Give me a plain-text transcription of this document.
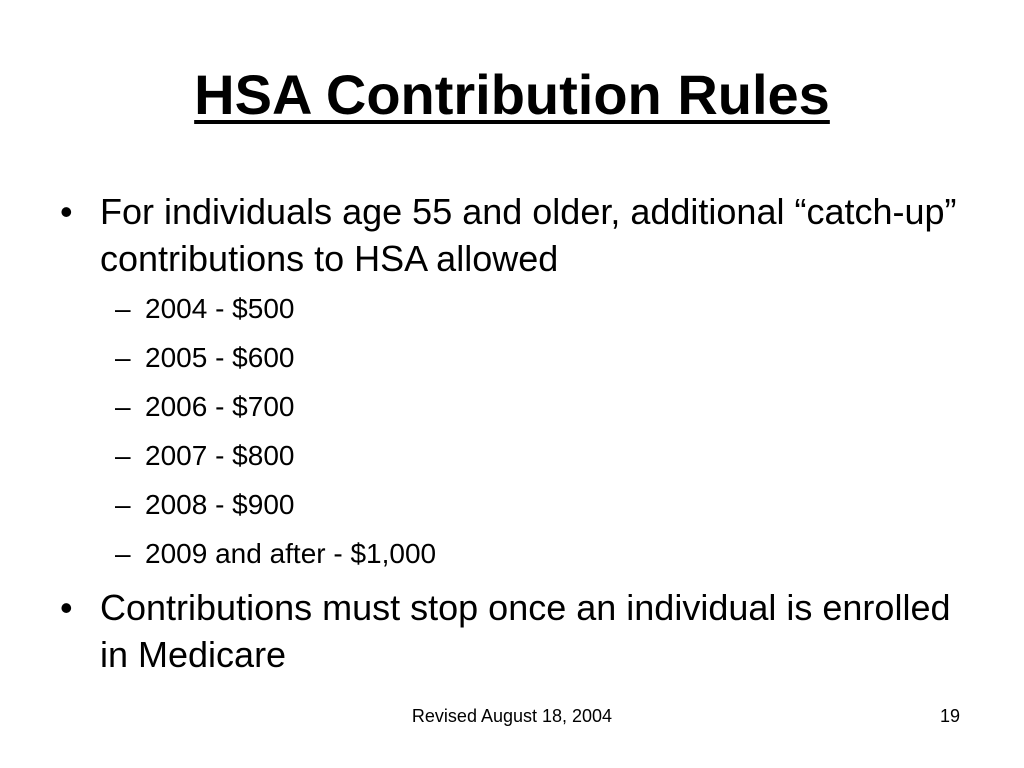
HSA Contribution Rules
• For individuals age 55 and older, additional “catch-up” contributions to HSA allowed
– 2004 - $500
– 2005 - $600
– 2006 - $700
– 2007 - $800
– 2008 - $900
– 2009 and after - $1,000
• Contributions must stop once an individual is enrolled in Medicare
Revised August 18, 2004	19
